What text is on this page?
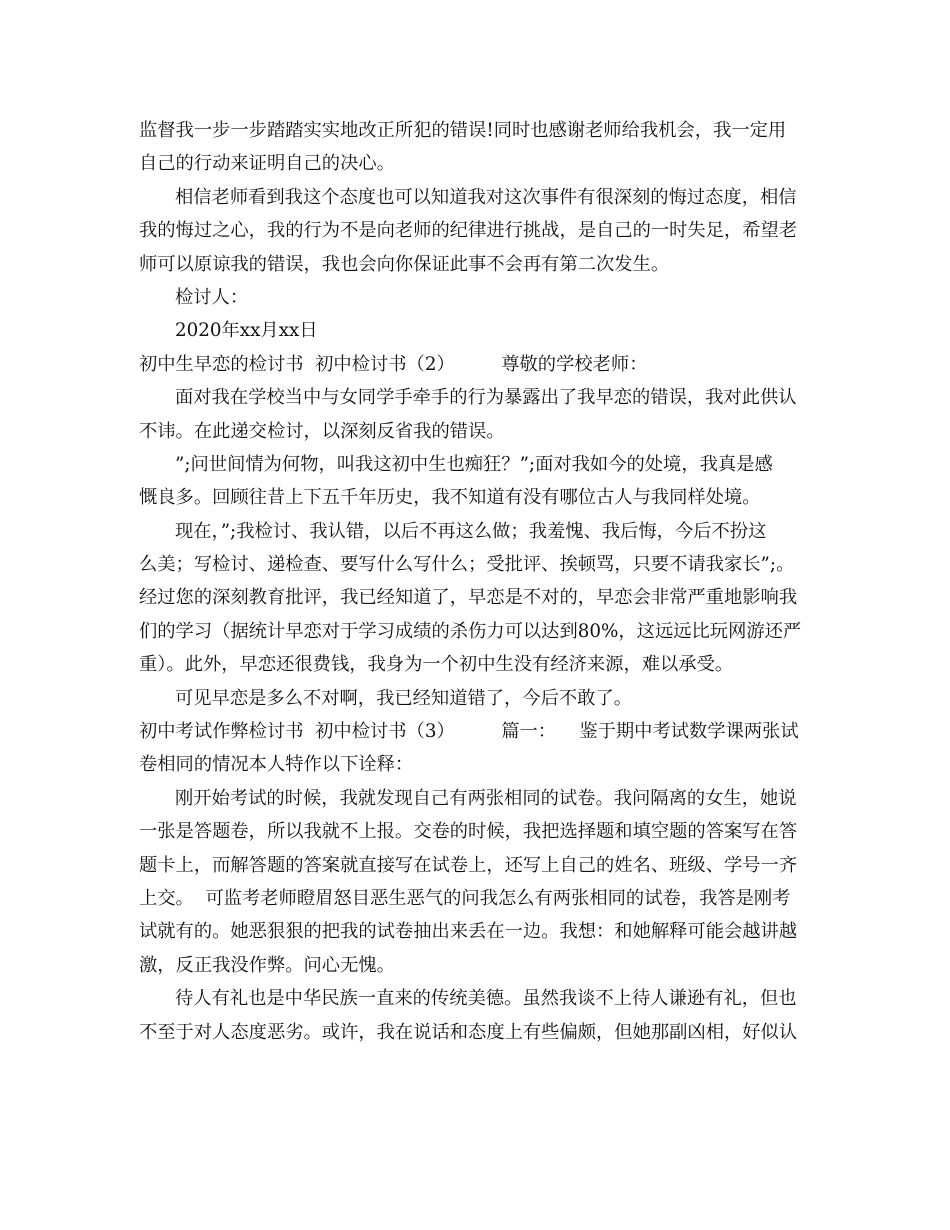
监督我一步一步踏踏实实地改正所犯的错误!同时也感谢老师给我机会，我一定用
自己的行动来证明自己的决心。
相信老师看到我这个态度也可以知道我对这次事件有很深刻的悔过态度，相信
我的悔过之心，我的行为不是向老师的纪律进行挑战，是自己的一时失足，希望老
师可以原谅我的错误，我也会向你保证此事不会再有第二次发生。
检讨人：
2020年xx月xx日
初中生早恋的检讨书  初中检讨书（2）        尊敬的学校老师：
面对我在学校当中与女同学手牵手的行为暴露出了我早恋的错误，我对此供认
不讳。在此递交检讨，以深刻反省我的错误。
”;问世间情为何物，叫我这初中生也痴狂？”;面对我如今的处境，我真是感
慨良多。回顾往昔上下五千年历史，我不知道有没有哪位古人与我同样处境。
现在，”;我检讨、我认错，以后不再这么做；我羞愧、我后悔，今后不扮这
么美；写检讨、递检查、要写什么写什么；受批评、挨顿骂，只要不请我家长”;。
经过您的深刻教育批评，我已经知道了，早恋是不对的，早恋会非常严重地影响我
们的学习（据统计早恋对于学习成绩的杀伤力可以达到80%，这远远比玩网游还严
重）。此外，早恋还很费钱，我身为一个初中生没有经济来源，难以承受。
可见早恋是多么不对啊，我已经知道错了，今后不敢了。
初中考试作弊检讨书  初中检讨书（3）        篇一：    鉴于期中考试数学课两张试
卷相同的情况本人特作以下诠释：
刚开始考试的时候，我就发现自己有两张相同的试卷。我问隔离的女生，她说
一张是答题卷，所以我就不上报。交卷的时候，我把选择题和填空题的答案写在答
题卡上，而解答题的答案就直接写在试卷上，还写上自己的姓名、班级、学号一齐
上交。  可监考老师瞪眉怒目恶生恶气的问我怎么有两张相同的试卷，我答是刚考
试就有的。她恶狠狠的把我的试卷抽出来丢在一边。我想：和她解释可能会越讲越
激，反正我没作弊。问心无愧。
待人有礼也是中华民族一直来的传统美德。虽然我谈不上待人谦逊有礼，但也
不至于对人态度恶劣。或许，我在说话和态度上有些偏颇，但她那副凶相，好似认
